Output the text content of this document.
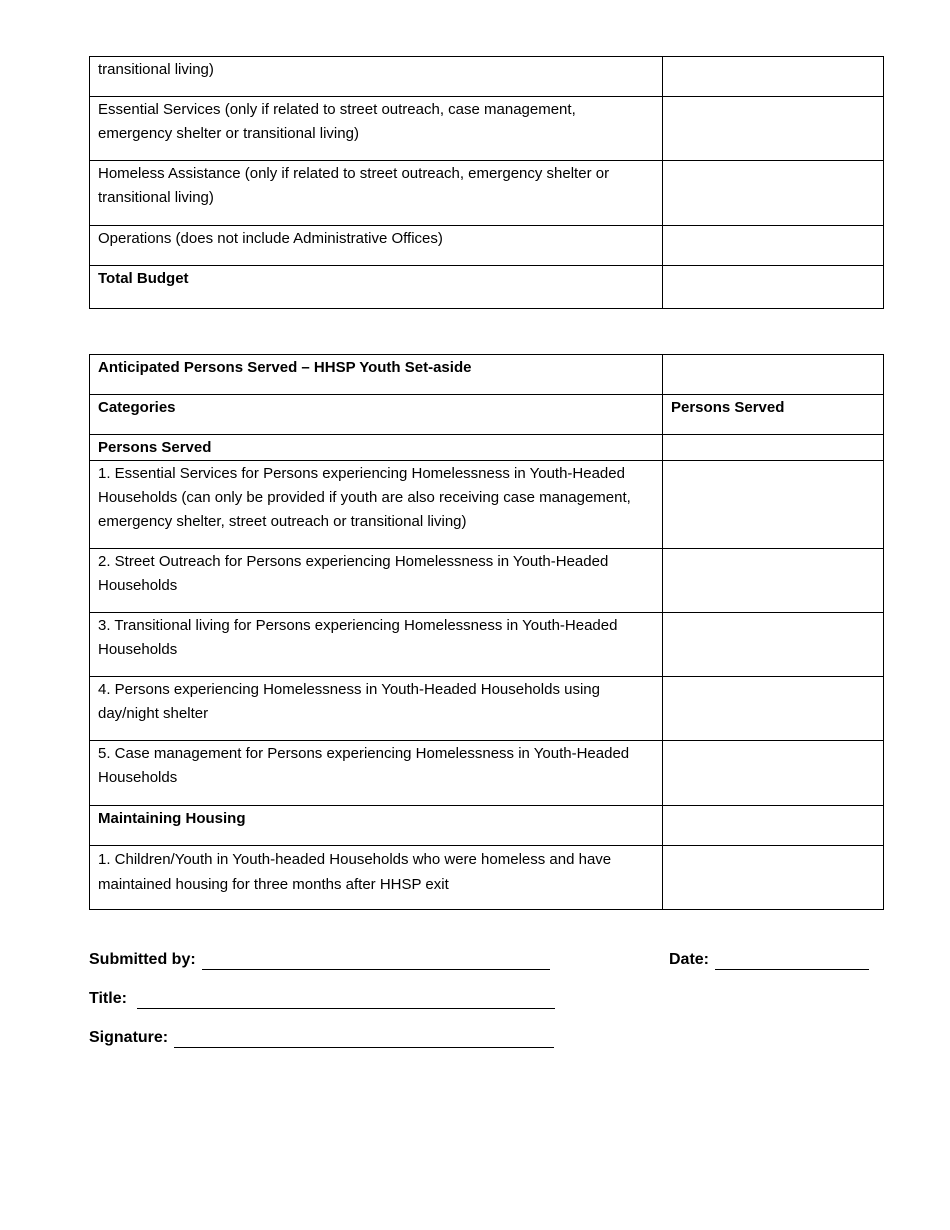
transitional living)	
Essential Services (only if related to street outreach, case management, emergency shelter or transitional living)	
Homeless Assistance (only if related to street outreach, emergency shelter or transitional living)	
Operations (does not include Administrative Offices)	
Total Budget	
Anticipated Persons Served – HHSP Youth Set-aside	
Categories	Persons Served
Persons Served	
1. Essential Services for Persons experiencing Homelessness in Youth-Headed Households (can only be provided if youth are also receiving case management, emergency shelter, street outreach or transitional living)	
2. Street Outreach for Persons experiencing Homelessness in Youth-Headed Households	
3. Transitional living for Persons experiencing Homelessness in Youth-Headed Households	
4. Persons experiencing Homelessness in Youth-Headed Households using day/night shelter	
5. Case management for Persons experiencing Homelessness in Youth-Headed Households	
Maintaining Housing	
1. Children/Youth in Youth-headed Households who were homeless and have maintained housing for three months after HHSP exit	
Submitted by:	Date:
Title:
Signature:
